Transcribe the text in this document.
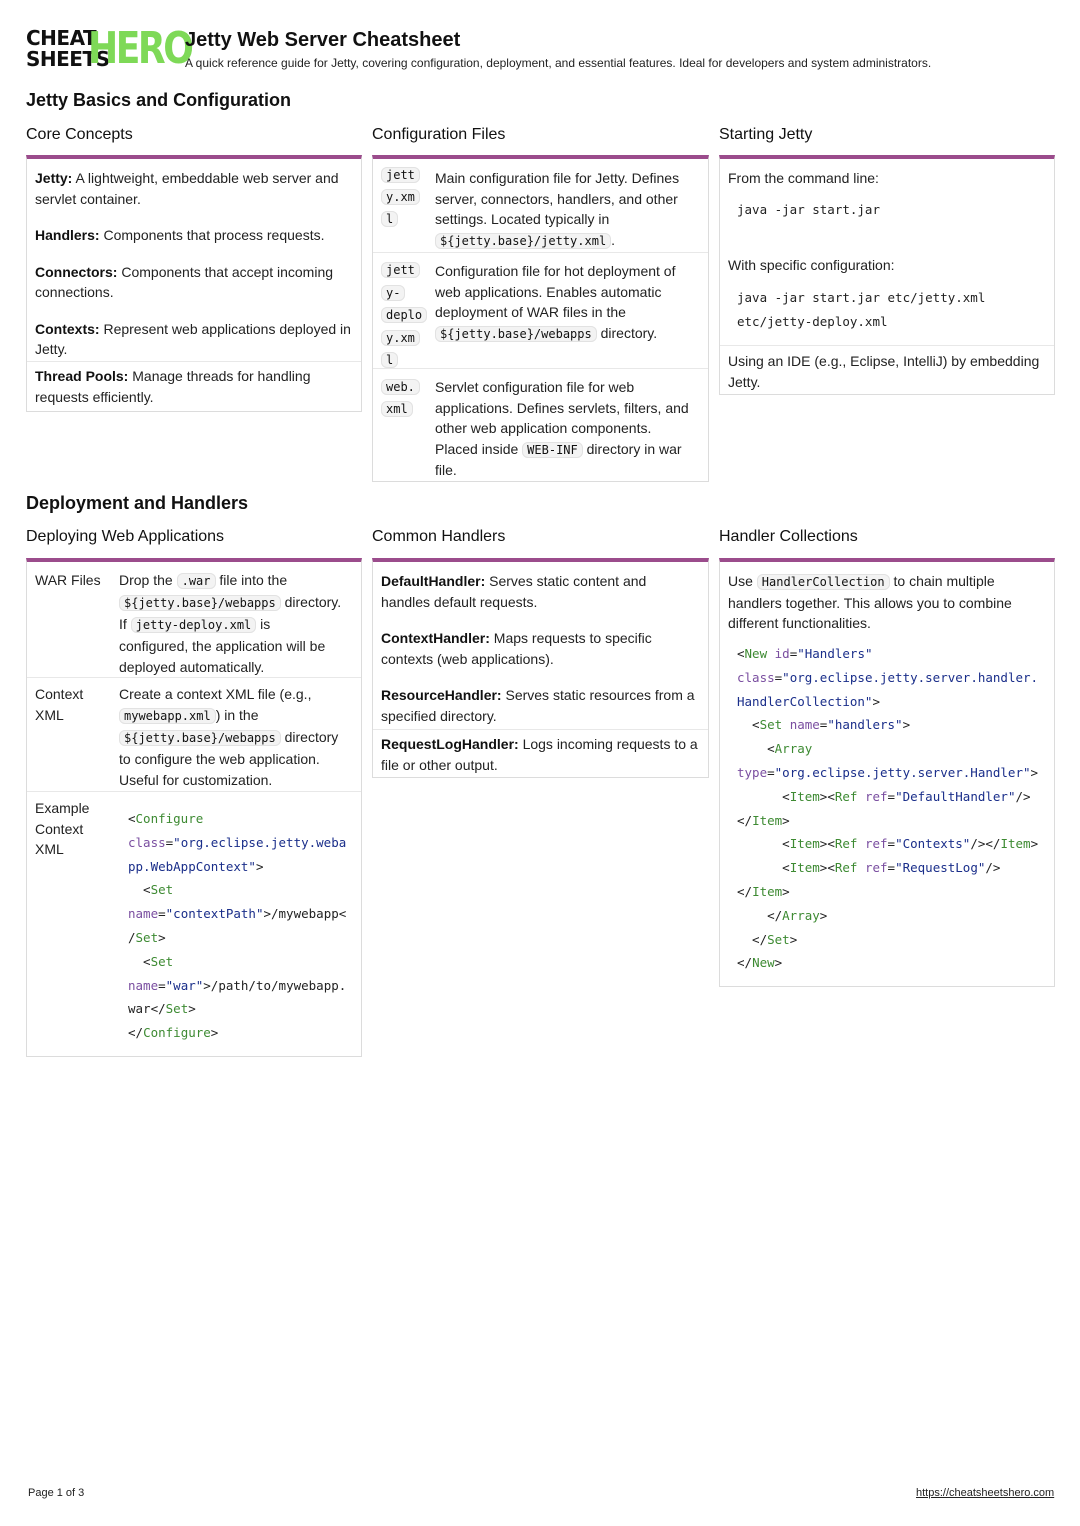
CHEAT
SHEETS
HERO
Jetty Web Server Cheatsheet
A quick reference guide for Jetty, covering configuration, deployment, and essential features. Ideal for developers and system administrators.
Jetty Basics and Configuration
Core Concepts
Jetty: A lightweight, embeddable web server and servlet container.
Handlers: Components that process requests.
Connectors: Components that accept incoming connections.
Contexts: Represent web applications deployed in Jetty.
Thread Pools: Manage threads for handling requests efficiently.
Configuration Files
jett
y.xm
l
Main configuration file for Jetty. Defines
server, connectors, handlers, and other
settings. Located typically in
${jetty.base}/jetty.xml .
jett
y-
deplo
y.xm
l
Configuration file for hot deployment of
web applications. Enables automatic
deployment of WAR files in the
${jetty.base}/webapps directory.
web.
xml
Servlet configuration file for web
applications. Defines servlets, filters, and
other web application components.
Placed inside WEB-INF directory in war
file.
Starting Jetty
From the command line:
java -jar start.jar
With specific configuration:
java -jar start.jar etc/jetty.xml
etc/jetty-deploy.xml
Using an IDE (e.g., Eclipse, IntelliJ) by embedding
Jetty.
Deployment and Handlers
Deploying Web Applications
WAR Files Drop the .war file into the
${jetty.base}/webapps directory.
If jetty-deploy.xml is
configured, the application will be
deployed automatically.
Context
XML
Create a context XML file (e.g.,
mywebapp.xml ) in the
${jetty.base}/webapps directory
to configure the web application.
Useful for customization.
Example
Context
XML
<Configure
class="org.eclipse.jetty.weba
pp.WebAppContext">
<Set
name="contextPath">/mywebapp<
/Set>
<Set
name="war">/path/to/mywebapp.
war</Set>
</Configure>
Common Handlers
DefaultHandler: Serves static content and
handles default requests.
ContextHandler: Maps requests to specific
contexts (web applications).
ResourceHandler: Serves static resources from a
specified directory.
RequestLogHandler: Logs incoming requests to a
file or other output.
Handler Collections
Use HandlerCollection to chain multiple
handlers together. This allows you to combine
different functionalities.
<New id="Handlers"
class="org.eclipse.jetty.server.handler.
HandlerCollection">
<Set name="handlers">
<Array
type="org.eclipse.jetty.server.Handler">
<Item><Ref ref="DefaultHandler"/>
</Item>
<Item><Ref ref="Contexts"/></Item>
<Item><Ref ref="RequestLog"/>
</Item>
</Array>
</Set>
</New>
Page 1 of 3	https://cheatsheetshero.com
